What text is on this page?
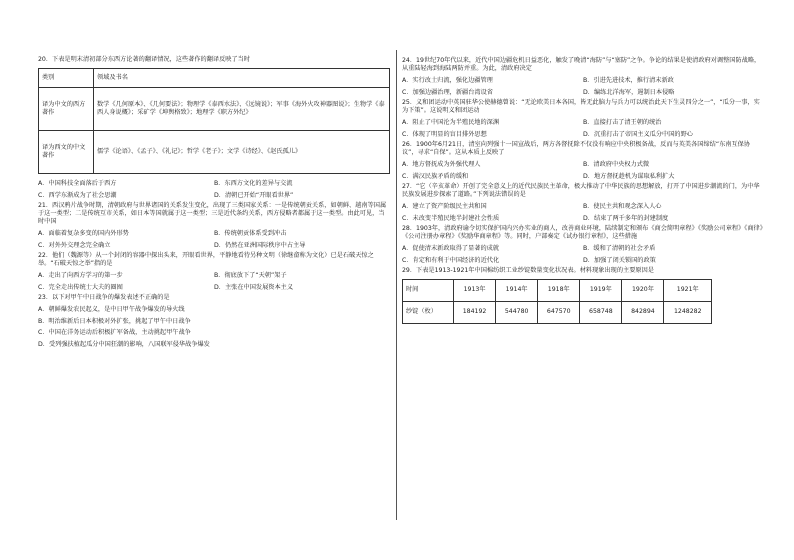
20．下表是明末清初部分东西方论著的翻译情况，这些著作的翻译反映了当时

类别	领域及书名
译为中文的西方著作	数学《几何原本》、《几何要法》；物理学《泰西水法》、《远镜说》；军事《海外火攻神器图说》；生物学《泰西人身说概》；采矿学《坤舆格致》；地理学《职方外纪》
译为西文的中文著作	儒学《论语》、《孟子》、《礼记》；哲学《老子》；文学《诗经》、《赵氏孤儿》
A．中国科技全面落后于西方	B．东西方文化的差异与交流
C．西学东渐成为了社会思潮	D．清朝已开始“开眼看世界”

21．西汉鸦片战争时期，清朝政府与世界诸国的关系发生变化，出现了三类国家关系：一是传统朝贡关系，如朝鲜、越南等国属于这一类型；二是传统互市关系，如日本等国就属于这一类型；三是近代条约关系，西方侵略者都属于这一类型。由此可见，当时中国

A．面临着复杂多变的国内外形势	B．传统朝贡体系受到冲击
C．对外外交理念完全确立	D．仍然在亚洲国际秩序中占主导

22．他们（魏源等）从一个封闭的容器中探出头来，开眼看世界，平静地看待另种文明（徐继畲称为文化）已是石破天惊之举。“石破天惊之举”指的是

A．走出了向西方学习的第一步	B．彻底放下了“天朝”架子
C．完全走出传统士大夫的圈囿	D．主张在中国发展资本主义

23．以下对甲午中日战争的爆发表述不正确的是

A．朝鲜爆发农民起义，是中日甲午战争爆发的导火线
B．明治维新后日本积极对外扩张，挑起了甲午中日战争
C．中国在洋务运动后积极扩军备战，主动挑起甲午战争
D．受列强扶植起瓜分中国狂潮的影响，八国联军侵华战争爆发

24．19世纪70年代以来，近代中国边疆危机日益恶化，触发了晚清“海防”与“塞防”之争。争论的结果是使清政府对调整国防战略，从重陆轻海到海陆两防并重。为此，清政府决定

A．实行改土归流，强化边疆管理	B．引进先进技术，推行清末新政
C．加强边疆治理，新疆台湾设省	D．编练北洋海军，遏制日本侵略

25．义和团运动中英国驻华公使赫德曾说：“无论欧美日本各国，皆无此脑力与兵力可以统治此天下生灵四分之一”，“瓜分一事，实为下策”。这说明义和团运动

A．阻止了中国沦为半殖民地的深渊	B．直接打击了清王朝的统治
C．体现了明显的盲目排外思想	D．沉重打击了帝国主义瓜分中国的野心

26．1900年6月21日，清室向列强十一国宣战后，两方各督抚除不仅没有响应中央积极备战，反而与英美各国缔结“东南互保协议”，寻求“自保”。这从本质上反映了

A．地方督抚成为外强代理人	B．清政府中央权力式微
C．满汉民族矛盾的缓和	D．地方督抚趁机为谋取私利扩大

27．“它（辛亥革命）开创了完全意义上的近代民族民主革命，极大推动了中华民族的思想解放，打开了中国进步潮流的门，为中华民族发展进步探索了道路。”下列说法错误的是

A．建立了资产阶级民主共和国	B．使民主共和观念深入人心
C．未改变半殖民地半封建社会性质	D．结束了两千多年的封建制度

28．1903年，清政府谕令切实保护国内兴办实业的商人，改善商业环境，陆续制定和颁布《商会简明章程》《奖励公司章程》《商律》《公司注册办章程》《奖励华商章程》等。同时，户部奏定《试办银行章程》，这些措施

A．促使清末新政取得了显著的成就	B．缓和了清朝的社会矛盾
C．肯定和有利于中国经济的近代化	D．加强了闭关锁国的政策

29．下表是1913-1921年中国棉纺织工业纱锭数量变化状况表。材料现象出现的主要原因是

时间	1913年	1914年	1918年	1919年	1920年	1921年
纱锭（枚）	184192	544780	647570	658748	842894	1248282
